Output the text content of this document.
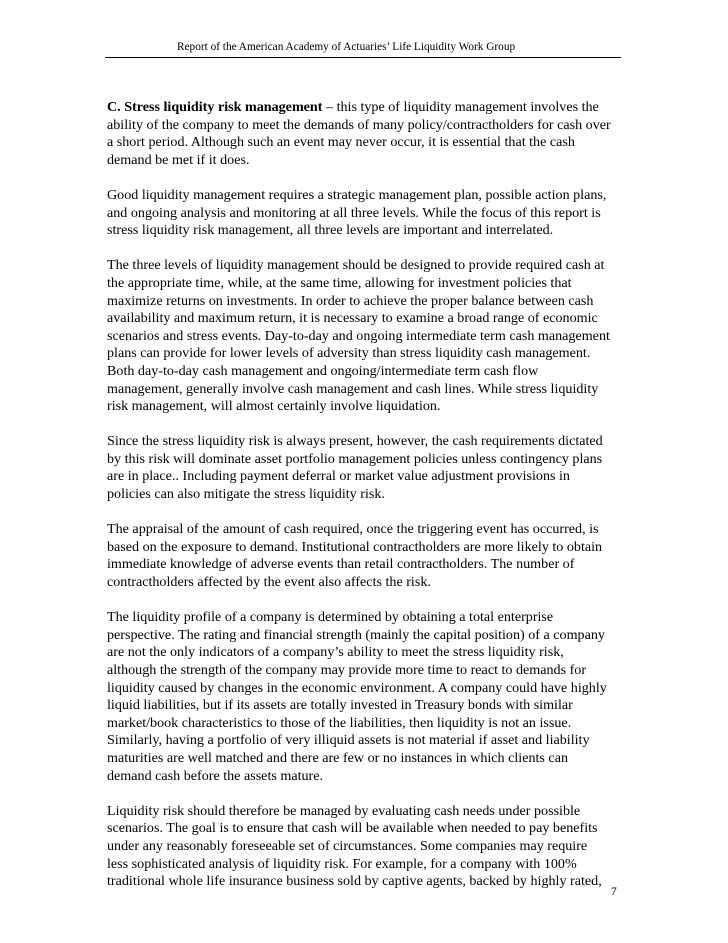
Report of the American Academy of Actuaries’ Life Liquidity Work Group

C. Stress liquidity risk management – this type of liquidity management involves the
ability of the company to meet the demands of many policy/contractholders for cash over
a short period. Although such an event may never occur, it is essential that the cash
demand be met if it does.

Good liquidity management requires a strategic management plan, possible action plans,
and ongoing analysis and monitoring at all three levels. While the focus of this report is
stress liquidity risk management, all three levels are important and interrelated.

The three levels of liquidity management should be designed to provide required cash at
the appropriate time, while, at the same time, allowing for investment policies that
maximize returns on investments. In order to achieve the proper balance between cash
availability and maximum return, it is necessary to examine a broad range of economic
scenarios and stress events. Day-to-day and ongoing intermediate term cash management
plans can provide for lower levels of adversity than stress liquidity cash management.
Both day-to-day cash management and ongoing/intermediate term cash flow
management, generally involve cash management and cash lines. While stress liquidity
risk management, will almost certainly involve liquidation.

Since the stress liquidity risk is always present, however, the cash requirements dictated
by this risk will dominate asset portfolio management policies unless contingency plans
are in place.. Including payment deferral or market value adjustment provisions in
policies can also mitigate the stress liquidity risk.

The appraisal of the amount of cash required, once the triggering event has occurred, is
based on the exposure to demand. Institutional contractholders are more likely to obtain
immediate knowledge of adverse events than retail contractholders. The number of
contractholders affected by the event also affects the risk.

The liquidity profile of a company is determined by obtaining a total enterprise
perspective. The rating and financial strength (mainly the capital position) of a company
are not the only indicators of a company’s ability to meet the stress liquidity risk,
although the strength of the company may provide more time to react to demands for
liquidity caused by changes in the economic environment. A company could have highly
liquid liabilities, but if its assets are totally invested in Treasury bonds with similar
market/book characteristics to those of the liabilities, then liquidity is not an issue.
Similarly, having a portfolio of very illiquid assets is not material if asset and liability
maturities are well matched and there are few or no instances in which clients can
demand cash before the assets mature.

Liquidity risk should therefore be managed by evaluating cash needs under possible
scenarios. The goal is to ensure that cash will be available when needed to pay benefits
under any reasonably foreseeable set of circumstances. Some companies may require
less sophisticated analysis of liquidity risk. For example, for a company with 100%
traditional whole life insurance business sold by captive agents, backed by highly rated,

7
